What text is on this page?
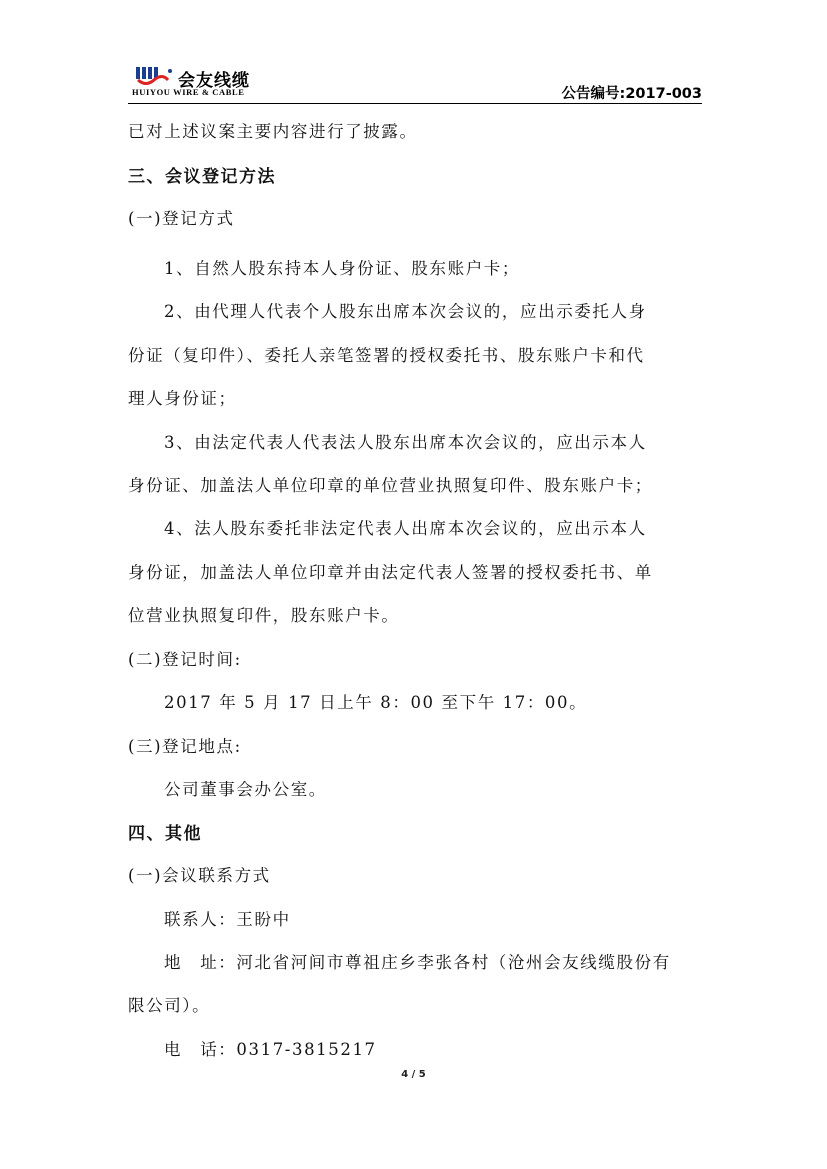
会友线缆
HUIYOU WIRE & CABLE	公告编号:2017-003
已对上述议案主要内容进行了披露。
三、会议登记方法
(一)登记方式
1、自然人股东持本人身份证、股东账户卡；
2、由代理人代表个人股东出席本次会议的，应出示委托人身
份证（复印件）、委托人亲笔签署的授权委托书、股东账户卡和代
理人身份证；
3、由法定代表人代表法人股东出席本次会议的，应出示本人
身份证、加盖法人单位印章的单位营业执照复印件、股东账户卡；
4、法人股东委托非法定代表人出席本次会议的，应出示本人
身份证，加盖法人单位印章并由法定代表人签署的授权委托书、单
位营业执照复印件，股东账户卡。
(二)登记时间:
2017 年 5 月 17 日上午 8：00 至下午 17：00。
(三)登记地点:
公司董事会办公室。
四、其他
(一)会议联系方式
联系人：王盼中
地　址：河北省河间市尊祖庄乡李张各村（沧州会友线缆股份有
限公司）。
电　话：0317-3815217
4 / 5
